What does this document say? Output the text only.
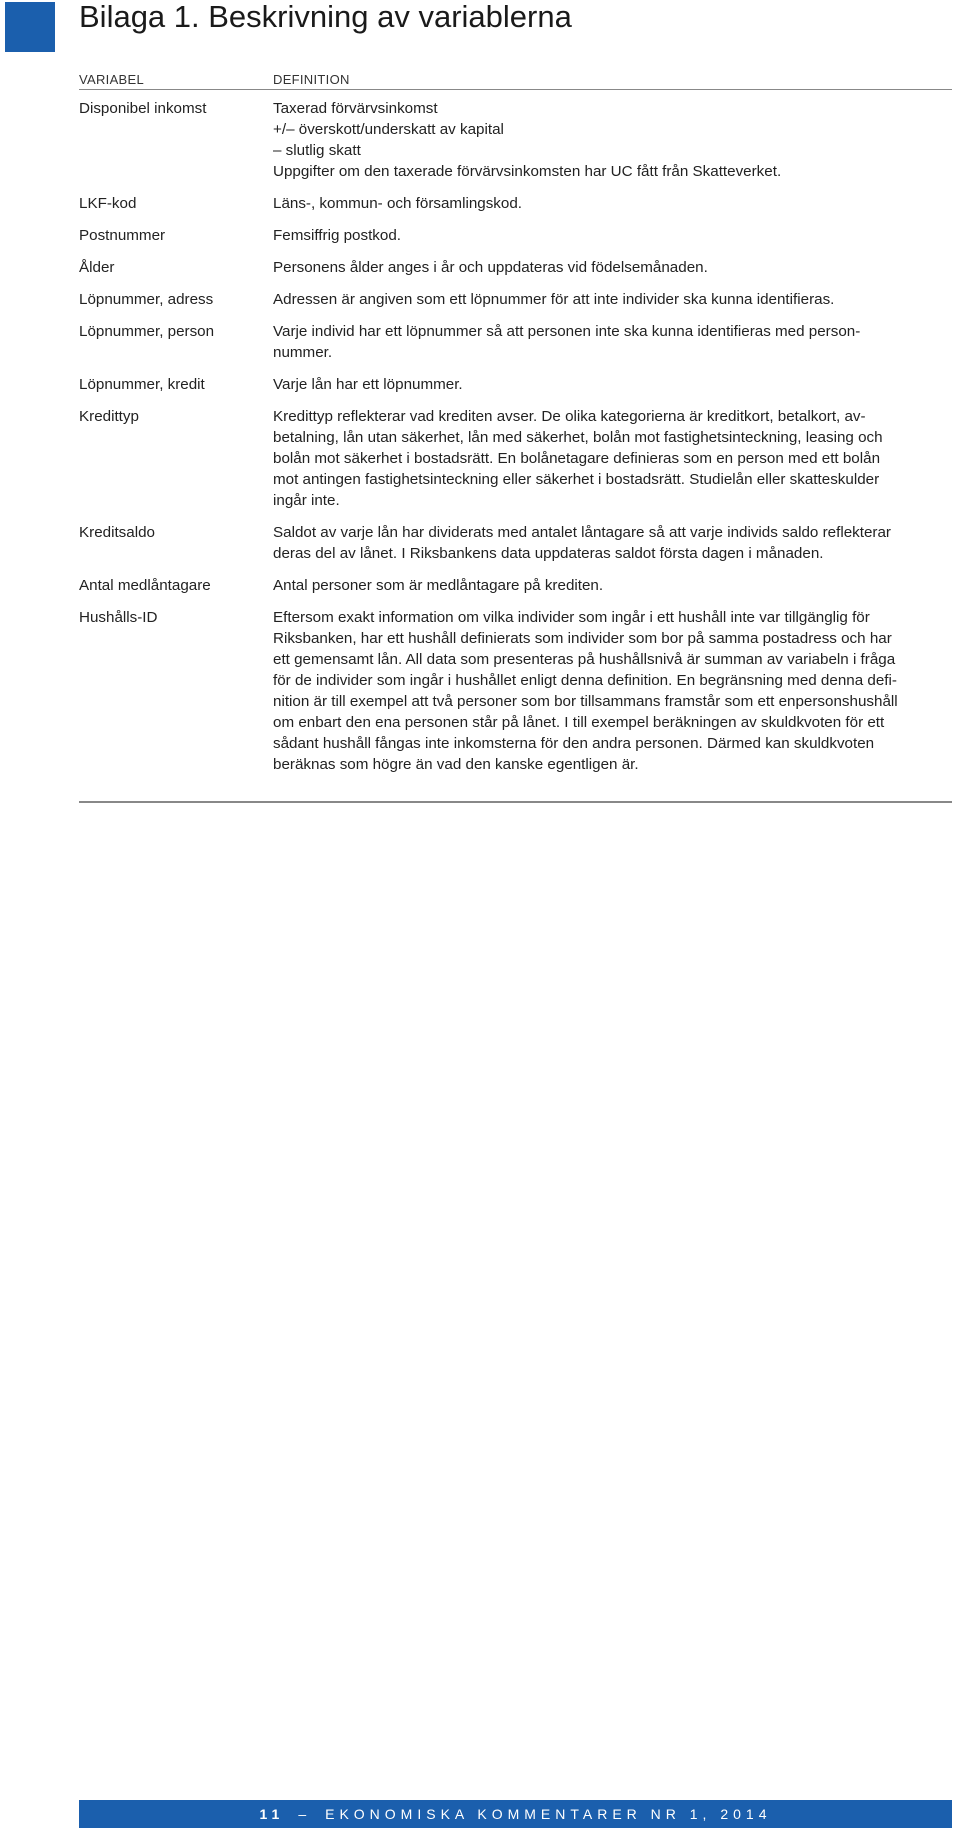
Bilaga 1. Beskrivning av variablerna
VARIABEL	DEFINITION
Disponibel inkomst	Taxerad förvärvsinkomst
+/– överskott/underskatt av kapital
– slutlig skatt
Uppgifter om den taxerade förvärvsinkomsten har UC fått från Skatteverket.
LKF-kod	Läns-, kommun- och församlingskod.
Postnummer	Femsiffrig postkod.
Ålder	Personens ålder anges i år och uppdateras vid födelsemånaden.
Löpnummer, adress	Adressen är angiven som ett löpnummer för att inte individer ska kunna identifieras.
Löpnummer, person	Varje individ har ett löpnummer så att personen inte ska kunna identifieras med person-
nummer.
Löpnummer, kredit	Varje lån har ett löpnummer.
Kredittyp	Kredittyp reflekterar vad krediten avser. De olika kategorierna är kreditkort, betalkort, av-
betalning, lån utan säkerhet, lån med säkerhet, bolån mot fastighetsinteckning, leasing och
bolån mot säkerhet i bostadsrätt. En bolånetagare definieras som en person med ett bolån
mot antingen fastighetsinteckning eller säkerhet i bostadsrätt. Studielån eller skatteskulder
ingår inte.
Kreditsaldo	Saldot av varje lån har dividerats med antalet låntagare så att varje individs saldo reflekterar
deras del av lånet. I Riksbankens data uppdateras saldot första dagen i månaden.
Antal medlåntagare	Antal personer som är medlåntagare på krediten.
Hushålls-ID	Eftersom exakt information om vilka individer som ingår i ett hushåll inte var tillgänglig för
Riksbanken, har ett hushåll definierats som individer som bor på samma postadress och har
ett gemensamt lån. All data som presenteras på hushållsnivå är summan av variabeln i fråga
för de individer som ingår i hushållet enligt denna definition. En begränsning med denna defi-
nition är till exempel att två personer som bor tillsammans framstår som ett enpersonshushåll
om enbart den ena personen står på lånet. I till exempel beräkningen av skuldkvoten för ett
sådant hushåll fångas inte inkomsterna för den andra personen. Därmed kan skuldkvoten
beräknas som högre än vad den kanske egentligen är.
11 – EKONOMISKA KOMMENTARER NR 1, 2014
